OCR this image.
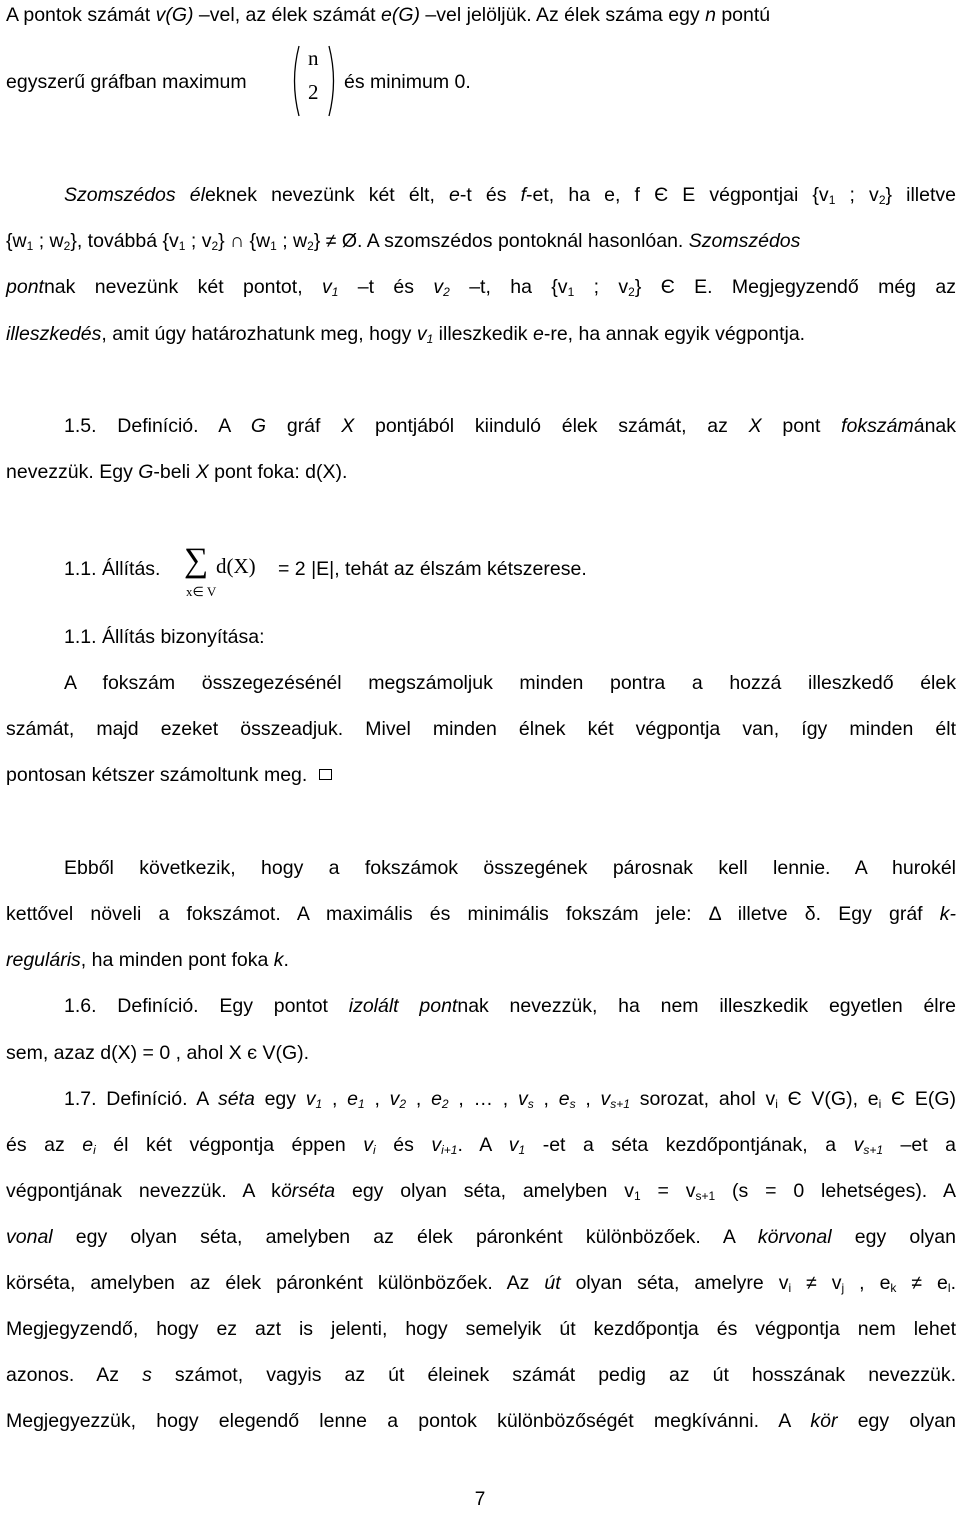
A pontok számát v(G) –vel, az élek számát e(G) –vel jelöljük. Az élek száma egy n pontú
egyszerű gráfban maximum
n
2 és minimum 0.
Szomszédos éleknek nevezünk két élt, e-t és f-et, ha e, f Є E végpontjai {$v_1$ ; $v_2$} illetve
{$w_1$ ; $w_2$}, továbbá {$v_1$ ; $v_2$} ∩ {$w_1$ ; $w_2$} ≠ Ø. A szomszédos pontoknál hasonlóan. Szomszédos
pontnak nevezünk két pontot, $v_1$ –t és $v_2$ –t, ha {$v_1$ ; $v_2$} Є E. Megjegyzendő még az
illeszkedés, amit úgy határozhatunk meg, hogy $v_1$ illeszkedik e-re, ha annak egyik végpontja.
1.5. Definíció. A G gráf X pontjából kiinduló élek számát, az X pont fokszámának
nevezzük. Egy G-beli X pont foka: d(X).
1.1. Állítás. ∑ d(X)
x∈ V
= 2 |E|, tehát az élszám kétszerese.
1.1. Állítás bizonyítása:
A fokszám összegezésénél megszámoljuk minden pontra a hozzá illeszkedő élek
számát, majd ezeket összeadjuk. Mivel minden élnek két végpontja van, így minden élt
pontosan kétszer számoltunk meg.
Ebből következik, hogy a fokszámok összegének párosnak kell lennie. A hurokél
kettővel növeli a fokszámot. A maximális és minimális fokszám jele: Δ illetve δ. Egy gráf k-
reguláris, ha minden pont foka k.
1.6. Definíció. Egy pontot izolált pontnak nevezzük, ha nem illeszkedik egyetlen élre
sem, azaz d(X) = 0 , ahol X є V(G).
1.7. Definíció. A séta egy $v_1$ , $e_1$ , $v_2$ , $e_2$ , … , $v_s$ , $e_s$ , $v_{s+1}$ sorozat, ahol $v_i$ Є V(G), $e_i$ Є E(G)
és az $e_i$ él két végpontja éppen $v_i$ és $v_{i+1}$. A $v_1$ -et a séta kezdőpontjának, a $v_{s+1}$ –et a
végpontjának nevezzük. A körséta egy olyan séta, amelyben $v_1 = v_{s+1}$ (s = 0 lehetséges). A
vonal egy olyan séta, amelyben az élek páronként különbözőek. A körvonal egy olyan
körséta, amelyben az élek páronként különbözőek. Az út olyan séta, amelyre $v_i \ne v_j$ , $e_k \ne e_l$.
Megjegyzendő, hogy ez azt is jelenti, hogy semelyik út kezdőpontja és végpontja nem lehet
azonos. Az s számot, vagyis az út éleinek számát pedig az út hosszának nevezzük.
Megjegyezzük, hogy elegendő lenne a pontok különbözőségét megkívánni. A kör egy olyan
7
